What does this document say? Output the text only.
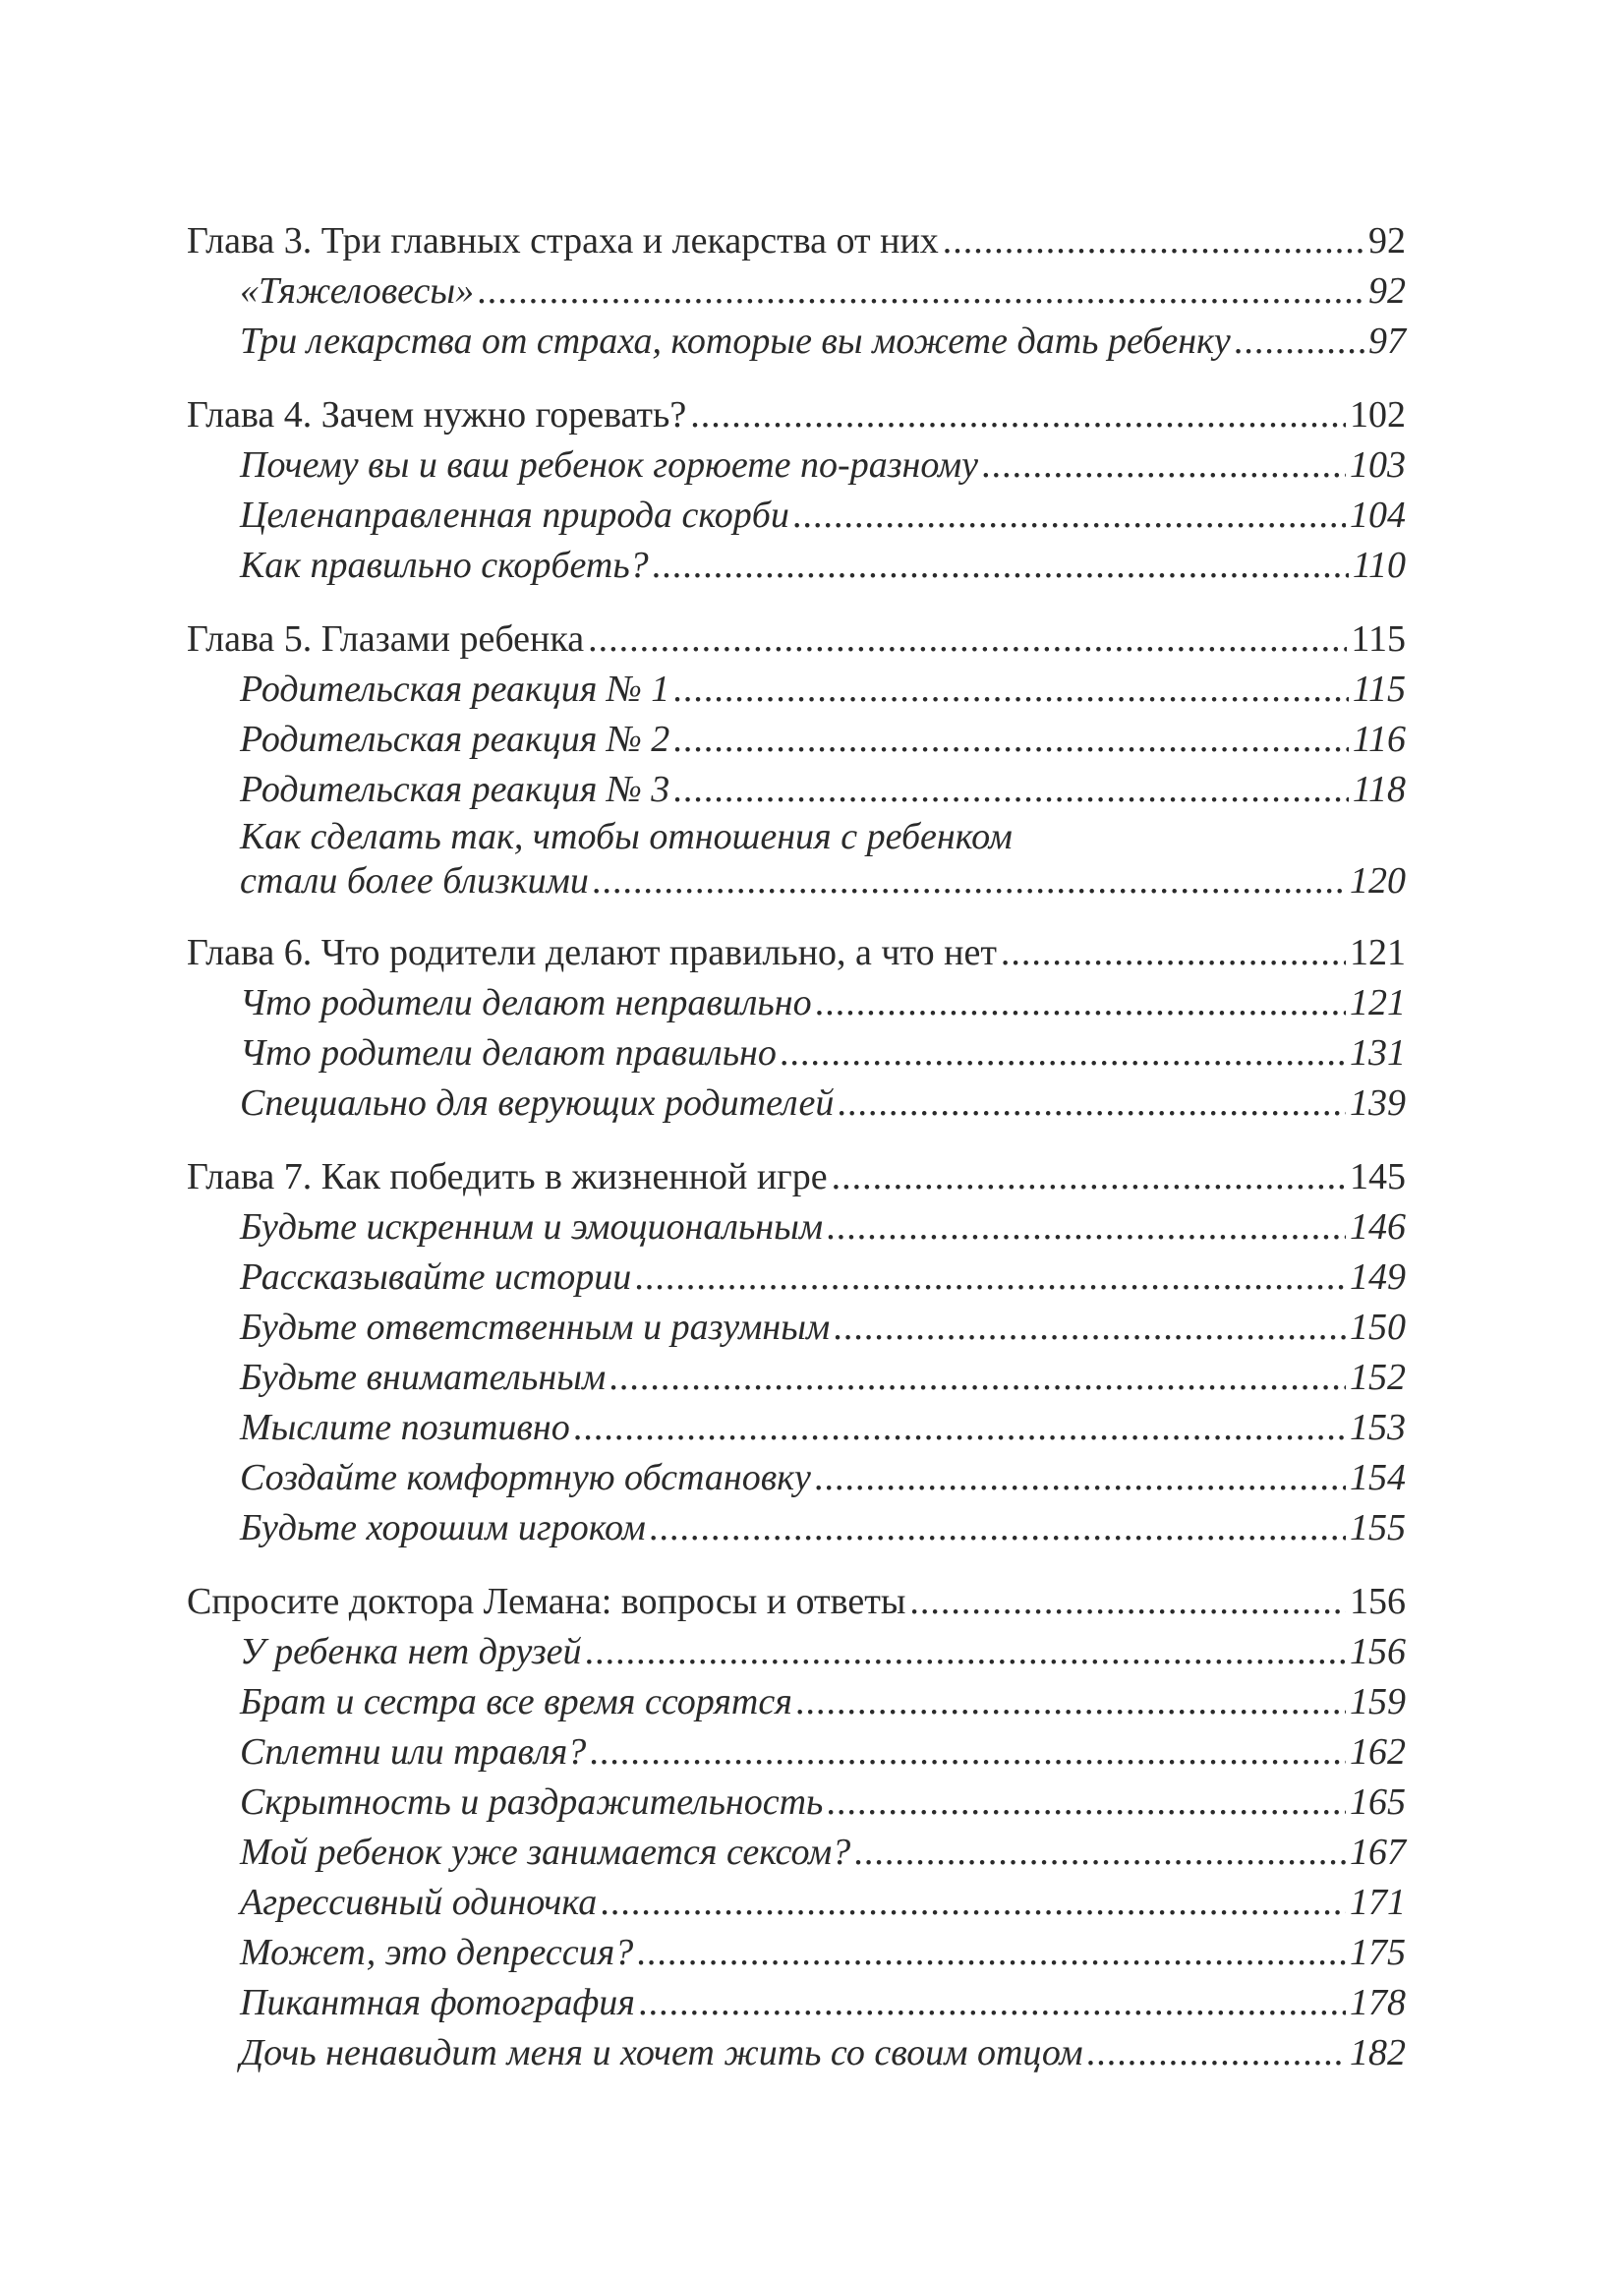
Глава 3. Три главных страха и лекарства от них .....	92
«Тяжеловесы» .....	92
Три лекарства от страха, которые вы можете дать ребенку .....	97
Глава 4. Зачем нужно горевать? .....	102
Почему вы и ваш ребенок горюете по-разному .....	103
Целенаправленная природа скорби .....	104
Как правильно скорбеть? .....	110
Глава 5. Глазами ребенка .....	115
Родительская реакция № 1 .....	115
Родительская реакция № 2 .....	116
Родительская реакция № 3 .....	118
Как сделать так, чтобы отношения с ребенком
стали более близкими .....	120
Глава 6. Что родители делают правильно, а что нет .....	121
Что родители делают неправильно .....	121
Что родители делают правильно .....	131
Специально для верующих родителей .....	139
Глава 7. Как победить в жизненной игре .....	145
Будьте искренним и эмоциональным .....	146
Рассказывайте истории .....	149
Будьте ответственным и разумным .....	150
Будьте внимательным .....	152
Мыслите позитивно .....	153
Создайте комфортную обстановку .....	154
Будьте хорошим игроком .....	155
Спросите доктора Лемана: вопросы и ответы .....	156
У ребенка нет друзей .....	156
Брат и сестра все время ссорятся .....	159
Сплетни или травля? .....	162
Скрытность и раздражительность .....	165
Мой ребенок уже занимается сексом? .....	167
Агрессивный одиночка .....	171
Может, это депрессия? .....	175
Пикантная фотография .....	178
Дочь ненавидит меня и хочет жить со своим отцом .....	182
